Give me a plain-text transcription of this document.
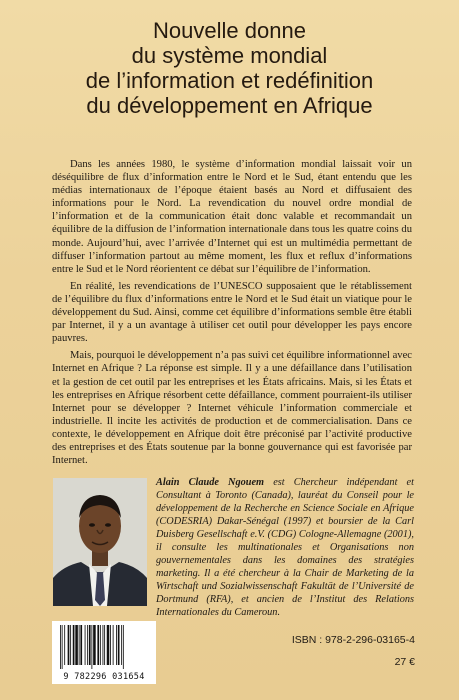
Nouvelle donne
du système mondial
de l’information et redéfinition
du développement en Afrique

Dans les années 1980, le système d’information mondial laissait voir un déséquilibre de flux d’information entre le Nord et le Sud, étant entendu que les médias internationaux de l’époque étaient basés au Nord et diffusaient des informations pour le Nord. La revendication du nouvel ordre mondial de l’information et de la communication était donc valable et recommandait un équilibre de la diffusion de l’information internationale dans tous les quatre coins du monde. Aujourd’hui, avec l’arrivée d’Internet qui est un multimédia permettant de diffuser l’information partout au même moment, les flux et reflux d’informations entre le Sud et le Nord réorientent ce débat sur l’équilibre de l’information.

En réalité, les revendications de l’UNESCO supposaient que le rétablissement de l’équilibre du flux d’informations entre le Nord et le Sud était un viatique pour le développement du Sud. Ainsi, comme cet équilibre d’informations semble être établi par Internet, il y a un avantage à utiliser cet outil pour développer les pays encore pauvres.

Mais, pourquoi le développement n’a pas suivi cet équilibre informationnel avec Internet en Afrique ? La réponse est simple. Il y a une défaillance dans l’utilisation et la gestion de cet outil par les entreprises et les États africains. Mais, si les États et les entreprises en Afrique résorbent cette défaillance, comment pourraient-ils utiliser Internet pour se développer ? Internet véhicule l’information commerciale et industrielle. Il incite les activités de production et de commercialisation. Dans ce contexte, le développement en Afrique doit être préconisé par l’activité productive des entreprises et des États soutenue par la bonne gouvernance qui est favorisée par Internet.

Alain Claude Ngouem est Chercheur indépendant et Consultant à Toronto (Canada), lauréat du Conseil pour le développement de la Recherche en Science Sociale en Afrique (CODESRIA) Dakar-Sénégal (1997) et boursier de la Carl Duisberg Gesellschaft e.V. (CDG) Cologne-Allemagne (2001), il consulte les multinationales et Organisations non gouvernementales dans les domaines des stratégies marketing. Il a été chercheur à la Chair de Marketing de la Wirtschaft und Sozialwissenschaft Fakultät de l’Université de Dortmund (RFA), et ancien de l’Institut des Relations Internationales du Cameroun.
9 782296 031654
ISBN : 978-2-296-03165-4
27 €
